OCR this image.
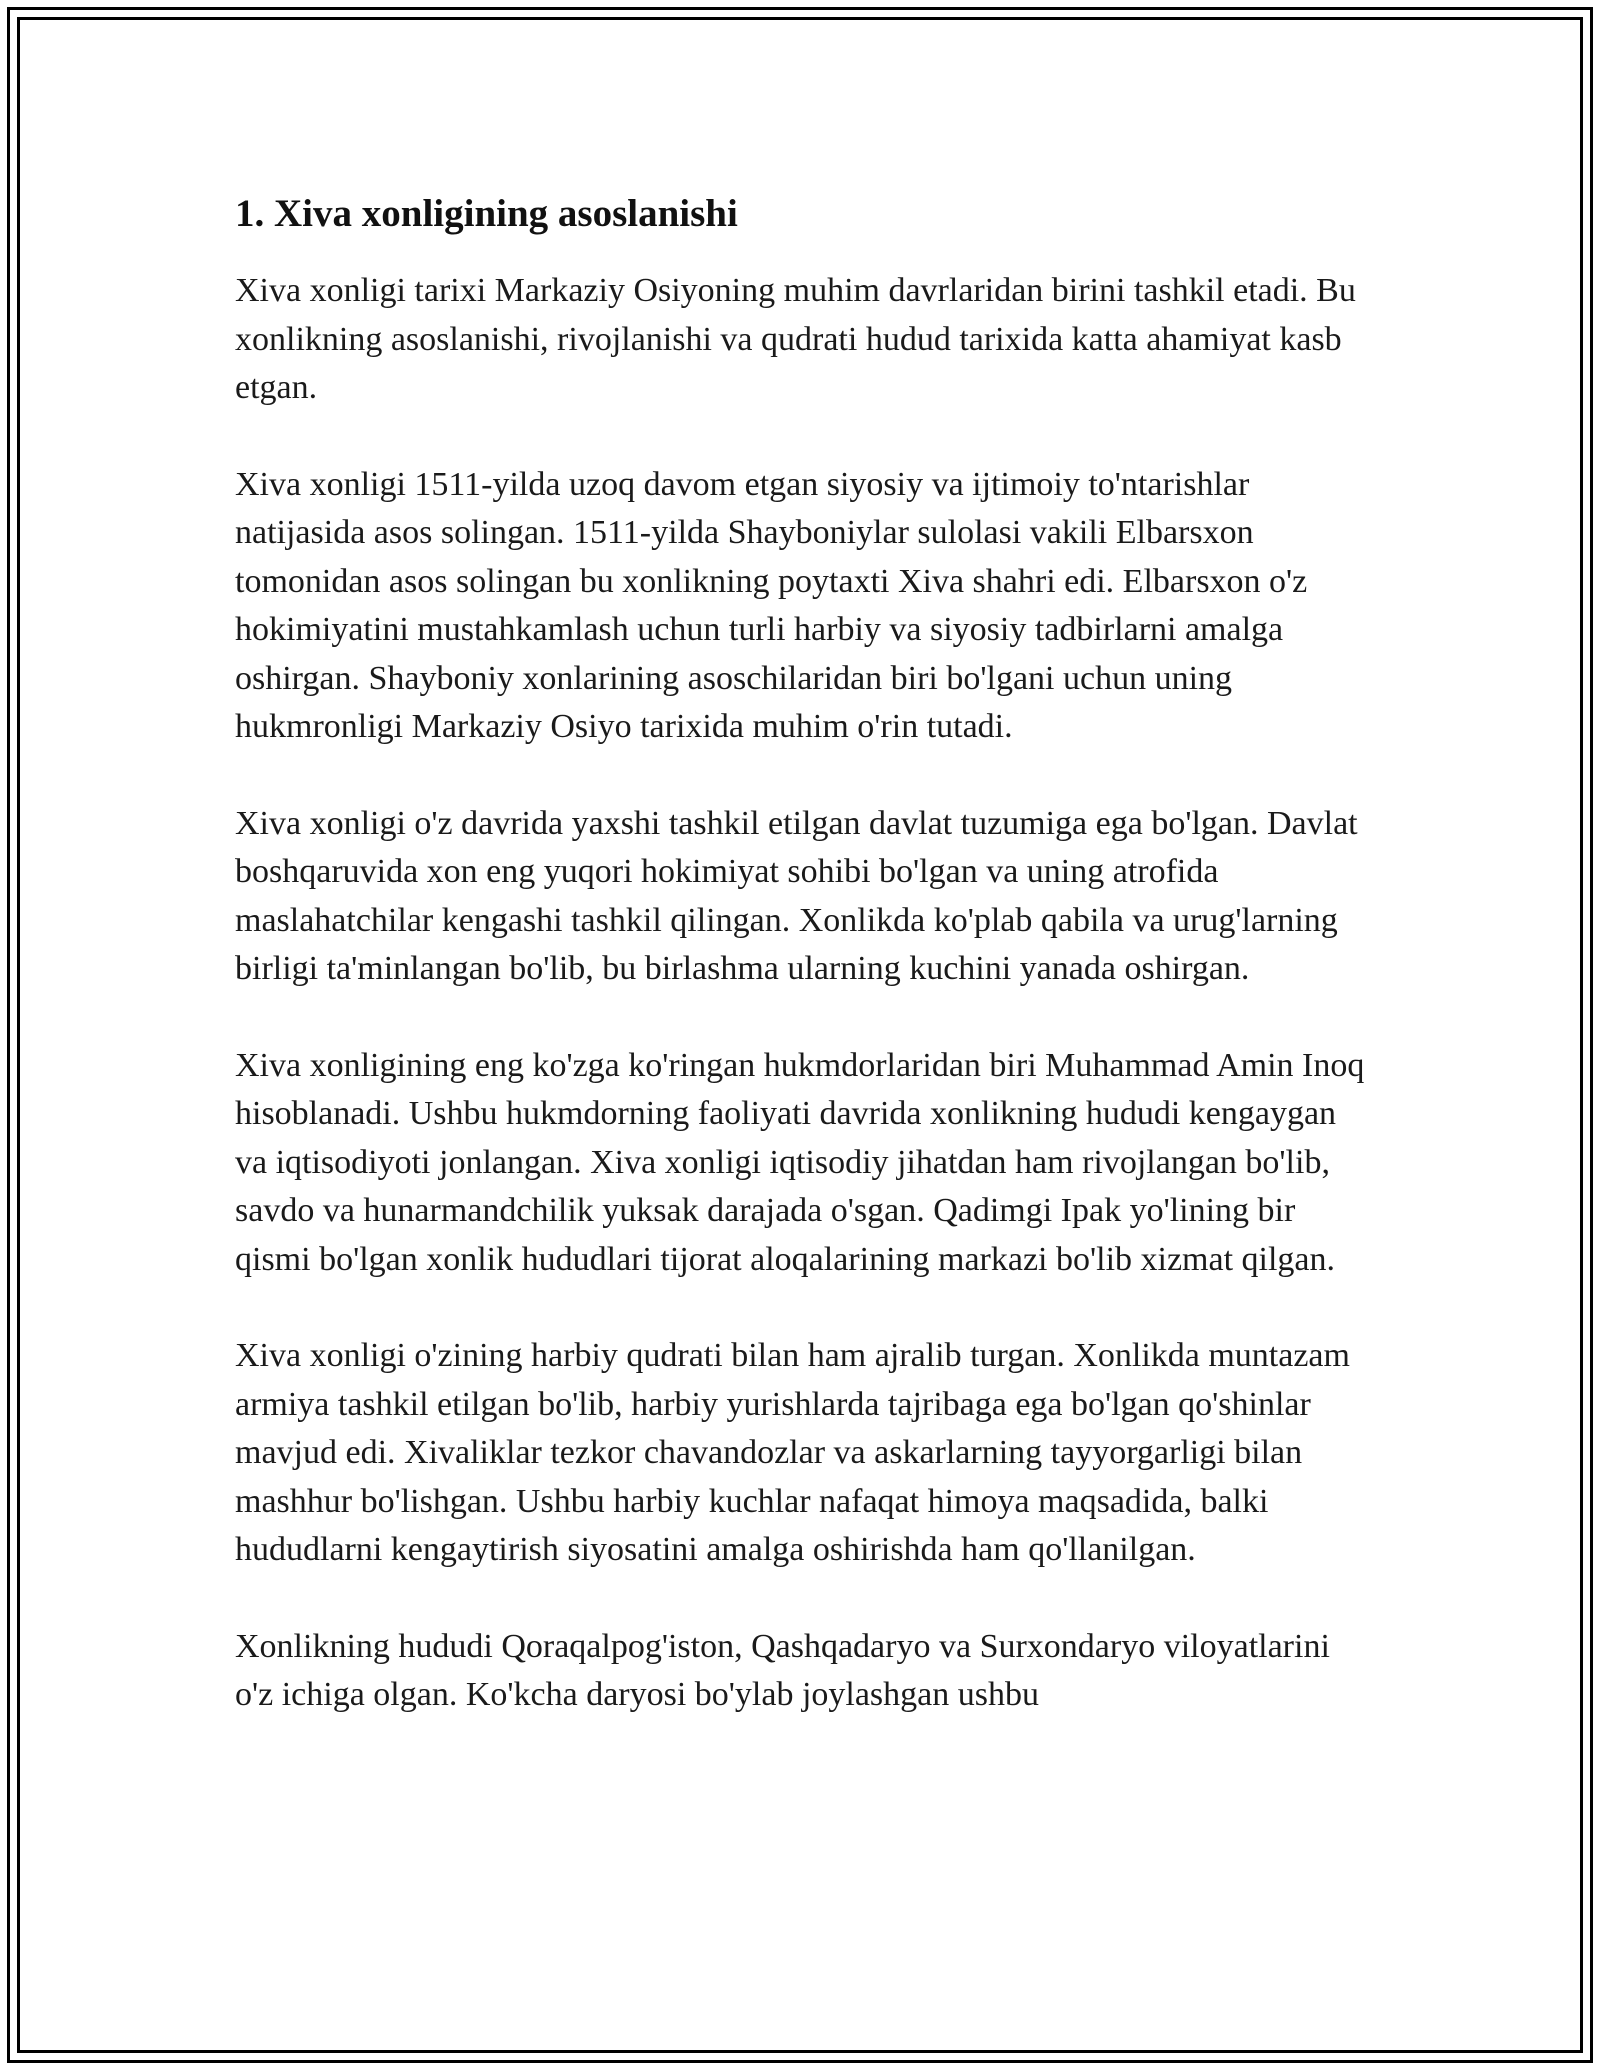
1. Xiva xonligining asoslanishi

Xiva xonligi tarixi Markaziy Osiyoning muhim davrlaridan birini tashkil etadi. Bu xonlikning asoslanishi, rivojlanishi va qudrati hudud tarixida katta ahamiyat kasb etgan.

Xiva xonligi 1511-yilda uzoq davom etgan siyosiy va ijtimoiy to'ntarishlar natijasida asos solingan. 1511-yilda Shayboniylar sulolasi vakili Elbarsxon tomonidan asos solingan bu xonlikning poytaxti Xiva shahri edi. Elbarsxon o'z hokimiyatini mustahkamlash uchun turli harbiy va siyosiy tadbirlarni amalga oshirgan. Shayboniy xonlarining asoschilaridan biri bo'lgani uchun uning hukmronligi Markaziy Osiyo tarixida muhim o'rin tutadi.

Xiva xonligi o'z davrida yaxshi tashkil etilgan davlat tuzumiga ega bo'lgan. Davlat boshqaruvida xon eng yuqori hokimiyat sohibi bo'lgan va uning atrofida maslahatchilar kengashi tashkil qilingan. Xonlikda ko'plab qabila va urug'larning birligi ta'minlangan bo'lib, bu birlashma ularning kuchini yanada oshirgan.

Xiva xonligining eng ko'zga ko'ringan hukmdorlaridan biri Muhammad Amin Inoq hisoblanadi. Ushbu hukmdorning faoliyati davrida xonlikning hududi kengaygan va iqtisodiyoti jonlangan. Xiva xonligi iqtisodiy jihatdan ham rivojlangan bo'lib, savdo va hunarmandchilik yuksak darajada o'sgan. Qadimgi Ipak yo'lining bir qismi bo'lgan xonlik hududlari tijorat aloqalarining markazi bo'lib xizmat qilgan.

Xiva xonligi o'zining harbiy qudrati bilan ham ajralib turgan. Xonlikda muntazam armiya tashkil etilgan bo'lib, harbiy yurishlarda tajribaga ega bo'lgan qo'shinlar mavjud edi. Xivaliklar tezkor chavandozlar va askarlarning tayyorgarligi bilan mashhur bo'lishgan. Ushbu harbiy kuchlar nafaqat himoya maqsadida, balki hududlarni kengaytirish siyosatini amalga oshirishda ham qo'llanilgan.

Xonlikning hududi Qoraqalpog'iston, Qashqadaryo va Surxondaryo viloyatlarini o'z ichiga olgan. Ko'kcha daryosi bo'ylab joylashgan ushbu
